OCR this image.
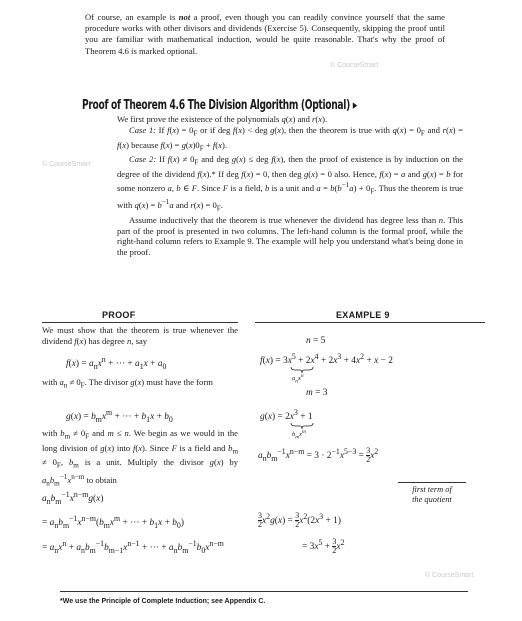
Of course, an example is not a proof, even though you can readily convince yourself that the same procedure works with other divisors and dividends (Exercise 5). Consequently, skipping the proof until you are familiar with mathematical induction, would be quite reasonable. That's why the proof of Theorem 4.6 is marked optional.

© CourseSmart
Proof of Theorem 4.6 The Division Algorithm (Optional) ▸

We first prove the existence of the polynomials q(x) and r(x).

Case 1: If $f(x) = 0_F$ or if deg f(x) < deg g(x), then the theorem is true with $q(x) = 0_F$ and r(x) = f(x) because $f(x) = g(x)0_F + f(x)$.

Case 2: If $f(x) \ne 0_F$ and deg g(x) ≤ deg f(x), then the proof of existence is by induction on the degree of the dividend f(x).* If deg f(x) = 0, then deg g(x) = 0 also. Hence, f(x) = a and g(x) = b for some nonzero a, b ∈ F. Since F is a field, b is a unit and $a = b(b^{-1}a) + 0_F$. Thus the theorem is true with $q(x) = b^{-1}a$ and $r(x) = 0_F$.

Assume inductively that the theorem is true whenever the dividend has degree less than n. This part of the proof is presented in two columns. The left-hand column is the formal proof, while the right-hand column refers to Example 9. The example will help you understand what's being done in the proof.

© CourseSmart
PROOF	EXAMPLE 9
We must show that the theorem is true whenever the dividend f(x) has degree n, say
$f(x) = a_nx^n$ + ··· + $a_1x + a_0$
with $a_n \ne 0_F$. The divisor g(x) must have the form
$g(x) = b_mx^m$ + ··· + $b_1x + b_0$
with $b_m \ne 0_F$ and m ≤ n. We begin as we would in the long division of g(x) into f(x). Since F is a field and $b_m \ne 0_F$, $b_m$ is a unit. Multiply the divisor g(x) by $a_nb_m^{-1}x^{n-m}$ to obtain
$a_nb_m^{-1}x^{n-m}g(x)$
= $a_nb_m^{-1}x^{n-m}(b_mx^m$ + ··· + $b_1x + b_0$)
= $a_nx^n + a_nb_m^{-1}b_{m-1}x^{n-1}$ + ··· + $a_nb_m^{-1}b_0x^{n-m}$
n = 5
$f(x) = 3x^5 + 2x^4 + 2x^3 + 4x^2 + x - 2$
$a_nx^n$
m = 3
$g(x) = 2x^3 + 1$
$b_mx^m$
$a_nb_m^{-1}x^{n-m} = 3 \cdot 2^{-1}x^{5-3} = \frac{3}{2} x^2$
first term of
the quotient
$\frac{3}{2} x^2g(x) = \frac{3}{2} x^2(2x^3 + 1)$
= $3x^5 + \frac{3}{2} x^2$
© CourseSmart
*We use the Principle of Complete Induction; see Appendix C.
